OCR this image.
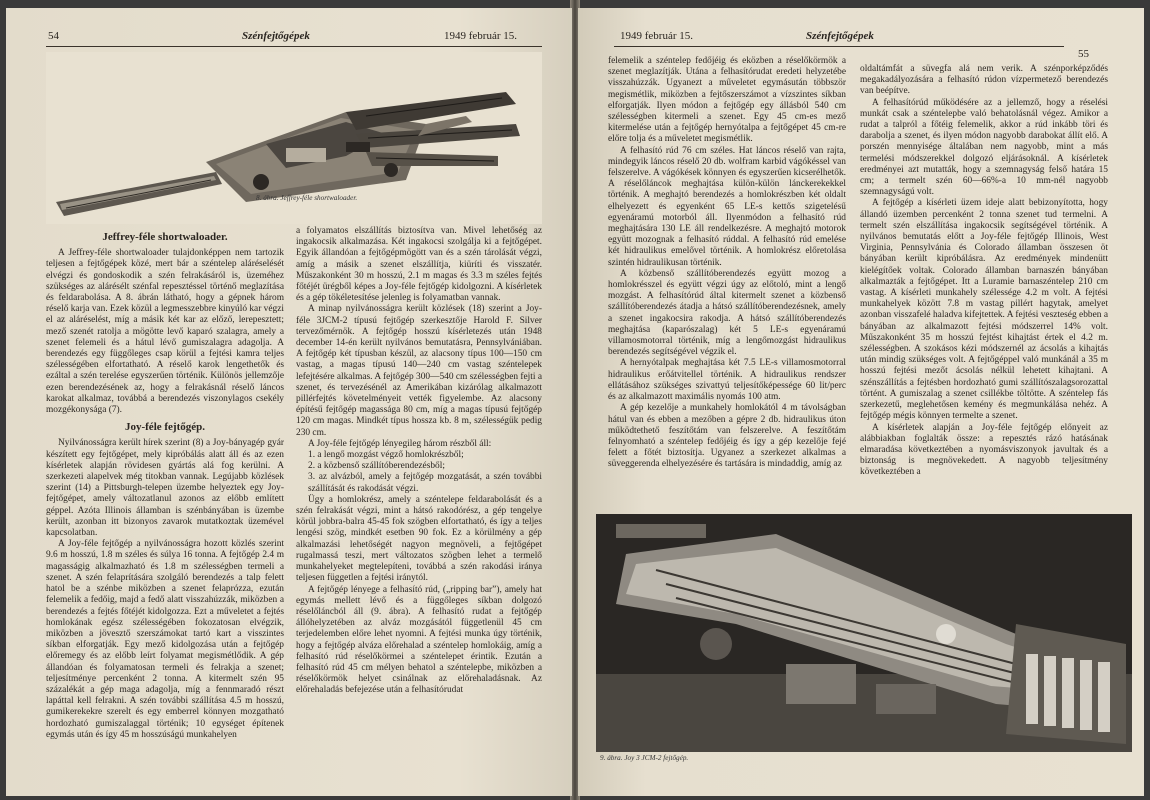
54	Szénfejtőgépek	1949 február 15.
8. ábra. Jeffrey-féle shortwaloader.
Jeffrey-féle shortwaloader.

A Jeffrey-féle shortwaloader tulajdonképpen nem tartozik teljesen a fejtőgépek közé, mert bár a széntelep aláréselését elvégzi és gondoskodik a szén felrakásáról is, üzeméhez szükséges az alárésélt szénfal repesztéssel történő meglazítása és feldarabolása. A 8. ábrán látható, hogy a gépnek három réselő karja van. Ezek közül a legmesszebbre kinyúló kar végzi el az aláréselést, míg a másik két kar az előző, lerepesztett; mező szenét ratolja a mögötte levő kaparó szalagra, amely a szenet felemeli és a hátul lévő gumiszalagra adagolja. A berendezés egy függőleges csap körül a fejtési kamra teljes szélességében elfortatható. A réselő karok lengethetők és ezáltal a szén terelése egyszerűen történik. Különös jellemzője ezen berendezésének az, hogy a felrakásnál réselő láncos karokat alkalmaz, továbbá a berendezés viszonylagos csekély mozgékonysága (7).

Joy-féle fejtőgép.

Nyilvánosságra került hírek szerint (8) a Joy-bányagép gyár készített egy fejtőgépet, mely kipróbálás alatt áll és az ezen kísérletek alapján rövidesen gyártás alá fog kerülni. A szerkezeti alapelvek még titokban vannak. Legújabb közlések szerint (14) a Pittsburgh-telepen üzembe helyeztek egy Joy-fejtőgépet, amely változatlanul azonos az előbb említett géppel. Azóta Illinois államban is szénbányában is üzembe került, azonban itt bizonyos zavarok mutatkoztak üzemével kapcsolatban.

A Joy-féle fejtőgép a nyilvánosságra hozott közlés szerint 9.6 m hosszú, 1.8 m széles és súlya 16 tonna. A fejtőgép 2.4 m magasságig alkalmazható és 1.8 m szélességben termeli a szenet. A szén felaprítására szolgáló berendezés a talp felett hatol be a szénbe miközben a szenet felaprózza, ezután felemelik a fedőig, majd a fedő alatt visszahúzzák, miközben a berendezés a fejtés főtéjét kidolgozza. Ezt a műveletet a fejtés homlokának egész szélességében fokozatosan elvégzik, miközben a jövesztő szerszámokat tartó kart a visszintes síkban elforgatják. Egy mező kidolgozása után a fejtőgép előremegy és az előbb leírt folyamat megismétlődik. A gép állandóan és folyamatosan termeli és felrakja a szenet; teljesítménye percenként 2 tonna. A kitermelt szén 95 százalékát a gép maga adagolja, míg a fennmaradó részt lapáttal kell felrakni. A szén további szállítása 4.5 m hosszú, gumikerekekre szerelt és egy emberrel könnyen mozgatható hordozható gumiszalaggal történik; 10 egységet építenek egymás után és így 45 m hosszúságú munkahelyen

a folyamatos elszállítás biztosítva van. Mivel lehetőség az ingakocsik alkalmazása. Két ingakocsi szolgálja ki a fejtőgépet. Egyik állandóan a fejtőgépmögött van és a szén tárolását végzi, amíg a másik a szenet elszállítja, kiüríti és visszatér. Műszakonként 30 m hosszú, 2.1 m magas és 3.3 m széles fejtés főtéjét ürégből képes a Joy-féle fejtőgép kidolgozni. A kísérletek és a gép tökéletesítése jelenleg is folyamatban vannak.

A minap nyilvánosságra került közlések (18) szerint a Joy-féle 3JCM-2 típusú fejtőgép szerkesztője Harold F. Silver tervezőmérnök. A fejtőgép hosszú kísérletezés után 1948 december 14-én került nyilvános bemutatásra, Pennsylvániában. A fejtőgép két típusban készül, az alacsony típus 100—150 cm vastag, a magas típusú 140—240 cm vastag széntelepek lefejtésére alkalmas. A fejtőgép 300—540 cm szélességben fejti a szenet, és tervezésénél az Amerikában kizárólag alkalmazott pillérfejtés követelményeit vették figyelembe. Az alacsony építésű fejtőgép magassága 80 cm, míg a magas típusú fejtőgép 120 cm magas. Mindkét típus hossza kb. 8 m, szélességük pedig 230 cm.

A Joy-féle fejtőgép lényegileg három részből áll:

1. a lengő mozgást végző homlokrészből;

2. a közbenső szállítóberendezésből;

3. az alvázból, amely a fejtőgép mozgatását, a szén további szállítását és rakodását végzi.

Ügy a homlokrész, amely a széntelepe feldarabolását és a szén felrakását végzi, mint a hátsó rakodórész, a gép tengelye körül jobbra-balra 45-45 fok szögben elfortatható, és így a teljes lengési szög, mindkét esetben 90 fok. Ez a körülmény a gép alkalmazási lehetőségét nagyon megnöveli, a fejtőgépet rugalmassá teszi, mert változatos szögben lehet a termelő munkahelyeket megtelepíteni, továbbá a szén rakodási iránya teljesen független a fejtési iránytól.

A fejtőgép lényege a felhasító rúd, („ripping bar”), amely hat egymás mellett lévő és a függőleges síkban dolgozó réselőláncból áll (9. ábra). A felhasító rudat a fejtőgép állóhelyzetében az alváz mozgásától függetlenül 45 cm terjedelemben előre lehet nyomni. A fejtési munka úgy történik, hogy a fejtőgép alváza előrehalad a széntelep homlokáig, amíg a felhasító rúd réselőkörmei a széntelepet érintik. Ezután a felhasító rúd 45 cm mélyen behatol a széntelepbe, miközben a réselőkörmök helyet csinálnak az előrehaladásnak. Az előrehaladás befejezése után a felhasítórudat

1949 február 15.	Szénfejtőgépek
55

felemelik a széntelep fedőjéig és eközben a réselőkörmök a szenet meglazítják. Utána a felhasítórudat eredeti helyzetébe visszahúzzák. Ugyanezt a műveletet egymásután többször megismétlik, miközben a fejtőszerszámot a vízszintes síkban elforgatják. Ilyen módon a fejtőgép egy állásból 540 cm szélességben kitermeli a szenet. Egy 45 cm-es mező kitermelése után a fejtőgép hernyótalpa a fejtőgépet 45 cm-re előre tolja és a műveletet megismétlik.

A felhasító rúd 76 cm széles. Hat láncos réselő van rajta, mindegyik láncos réselő 20 db. wolfram karbid vágókéssel van felszerelve. A vágókések könnyen és egyszerűen kicserélhetők. A réselőláncok meghajtása külön-külön lánckerekekkel történik. A meghajtó berendezés a homlokrészben két oldalt elhelyezett és egyenként 65 LE-s kettős szigetelésű egyenáramú motorból áll. Ilyenmódon a felhasító rúd meghajtására 130 LE áll rendelkezésre. A meghajtó motorok együtt mozognak a felhasító rúddal. A felhasító rúd emelése két hidraulikus emelővel történik. A homlokrész előretolása szintén hidraulikusan történik.

A közbenső szállítóberendezés együtt mozog a homlokrésszel és együtt végzi úgy az előtoló, mint a lengő mozgást. A felhasítórúd által kitermelt szenet a közbenső szállítóberendezés átadja a hátsó szállítóberendezésnek, amely a szenet ingakocsira rakodja. A hátsó szállítóberendezés meghajtása (kaparószalag) két 5 LE-s egyenáramú villamosmotorral történik, míg a lengőmozgást hidraulikus berendezés segítségével végzik el.

A hernyótalpak meghajtása két 7.5 LE-s villamosmotorral hidraulikus erőátvitellel történik. A hidraulikus rendszer ellátásához szükséges szivattyú teljesítőképessége 60 lit/perc és az alkalmazott maximális nyomás 100 atm.

A gép kezelője a munkahely homlokától 4 m távolságban hátul van és ebben a mezőben a gépre 2 db. hidraulikus úton működtethető feszítőtám van felszerelve. A feszítőtám felnyomható a széntelep fedőjéig és így a gép kezelője fejé felett a főtét biztosítja. Ugyanez a szerkezet alkalmas a süveggerenda elhelyezésére és tartására is mindaddig, amíg az

oldaltámfát a süvegfa alá nem verik. A szénporképződés megakadályozására a felhasító rúdon vízpermetező berendezés van beépítve.

A felhasítórúd működésére az a jellemző, hogy a réselési munkát csak a széntelepbe való behatolásnál végez. Amikor a rudat a talpról a főtéig felemelik, akkor a rúd inkább töri és darabolja a szenet, és ilyen módon nagyobb darabokat állít elő. A porszén mennyisége általában nem nagyobb, mint a más termelési módszerekkel dolgozó eljárásoknál. A kísérletek eredményei azt mutatták, hogy a szemnagyság felső határa 15 cm; a termelt szén 60—66%-a 10 mm-nél nagyobb szemnagyságú volt.

A fejtőgép a kísérleti üzem ideje alatt bebizonyította, hogy állandó üzemben percenként 2 tonna szenet tud termelni. A termelt szén elszállítása ingakocsik segítségével történik. A nyilvános bemutatás előtt a Joy-féle fejtőgép Illinois, West Virginia, Pennsylvánia és Colorado államban összesen öt bányában került kipróbálásra. Az eredmények mindenütt kielégítőek voltak. Colorado államban barnaszén bányában alkalmazták a fejtőgépet. Itt a Luramie barnaszéntelep 210 cm vastag. A kísérleti munkahely szélessége 4.2 m volt. A fejtési munkahelyek között 7.8 m vastag pillért hagytak, amelyet azonban visszafelé haladva kifejtettek. A fejtési veszteség ebben a bányában az alkalmazott fejtési módszerrel 14% volt. Műszakonként 35 m hosszú fejtést kihajtást értek el 4.2 m. szélességben. A szokásos kézi módszernél az ácsolás a kihajtás után mindig szükséges volt. A fejtőgéppel való munkánál a 35 m hosszú fejtési mezőt ácsolás nélkül lehetett kihajtani. A szénszállítás a fejtésben hordozható gumi szállítószalagsorozattal történt. A gumiszalag a szenet csillékbe töltötte. A széntelep fás szerkezetű, meglehetősen kemény és megmunkálása nehéz. A fejtőgép mégis könnyen termelte a szenet.

A kísérletek alapján a Joy-féle fejtőgép előnyeit az alábbiakban foglalták össze: a repesztés rázó hatásának elmaradása következtében a nyomásviszonyok javultak és a biztonság is megnövekedett. A nagyobb teljesítmény következtében a

9. ábra. Joy 3 JCM-2 fejtőgép.
